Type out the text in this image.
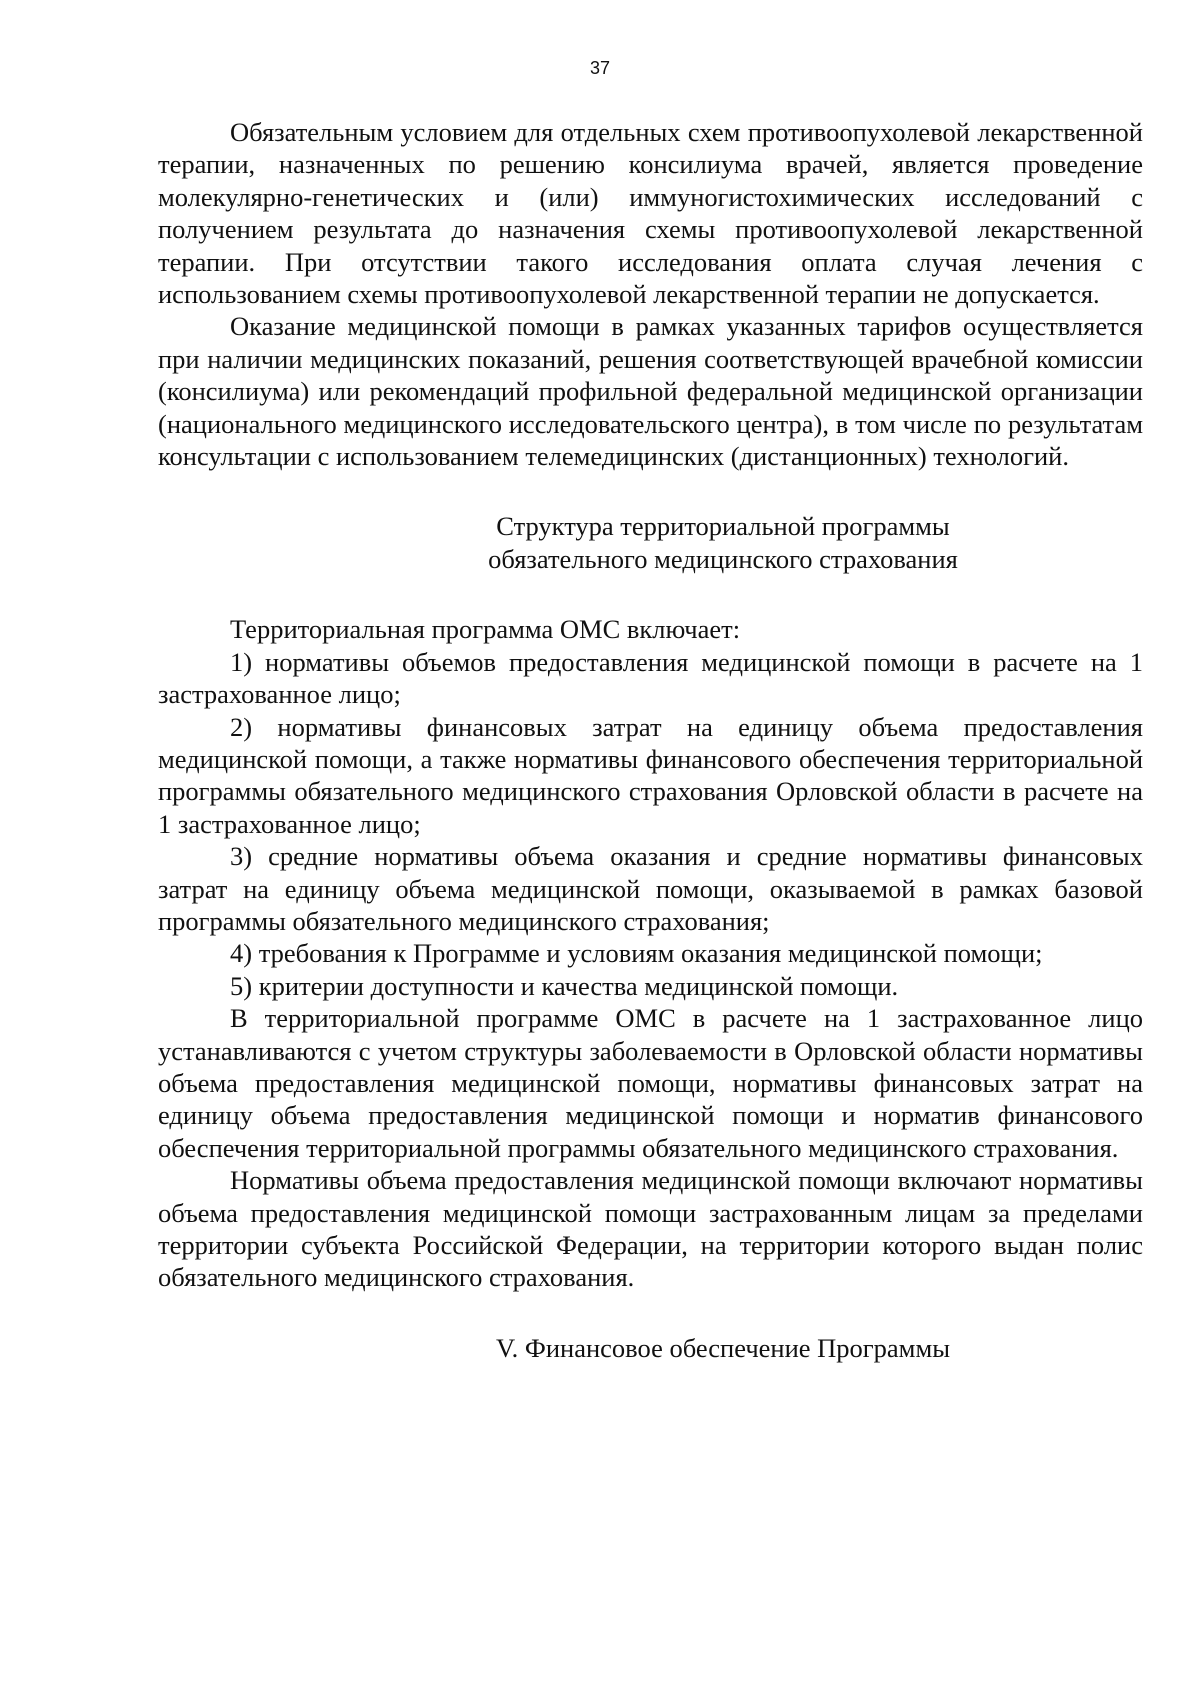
37

Обязательным условием для отдельных схем противоопухолевой лекарственной терапии, назначенных по решению консилиума врачей, является проведение молекулярно-генетических и (или) иммуногистохимических исследований с получением результата до назначения схемы противоопухолевой лекарственной терапии. При отсутствии такого исследования оплата случая лечения с использованием схемы противоопухолевой лекарственной терапии не допускается.

Оказание медицинской помощи в рамках указанных тарифов осуществляется при наличии медицинских показаний, решения соответствующей врачебной комиссии (консилиума) или рекомендаций профильной федеральной медицинской организации (национального медицинского исследовательского центра), в том числе по результатам консультации с использованием телемедицинских (дистанционных) технологий.

Структура территориальной программы
обязательного медицинского страхования

Территориальная программа ОМС включает:

1) нормативы объемов предоставления медицинской помощи в расчете на 1 застрахованное лицо;

2) нормативы финансовых затрат на единицу объема предоставления медицинской помощи, а также нормативы финансового обеспечения территориальной программы обязательного медицинского страхования Орловской области в расчете на 1 застрахованное лицо;

3) средние нормативы объема оказания и средние нормативы финансовых затрат на единицу объема медицинской помощи, оказываемой в рамках базовой программы обязательного медицинского страхования;

4) требования к Программе и условиям оказания медицинской помощи;

5) критерии доступности и качества медицинской помощи.

В территориальной программе ОМС в расчете на 1 застрахованное лицо устанавливаются с учетом структуры заболеваемости в Орловской области нормативы объема предоставления медицинской помощи, нормативы финансовых затрат на единицу объема предоставления медицинской помощи и норматив финансового обеспечения территориальной программы обязательного медицинского страхования.

Нормативы объема предоставления медицинской помощи включают нормативы объема предоставления медицинской помощи застрахованным лицам за пределами территории субъекта Российской Федерации, на территории которого выдан полис обязательного медицинского страхования.

V. Финансовое обеспечение Программы
